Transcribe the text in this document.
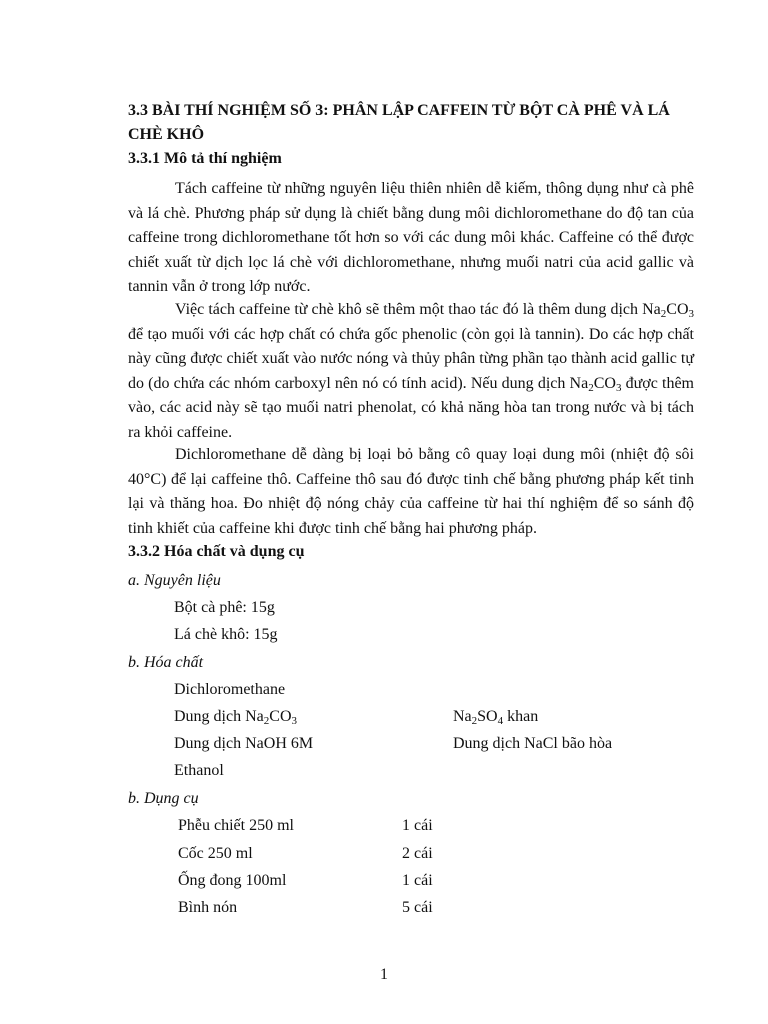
3.3 BÀI THÍ NGHIỆM SỐ 3: PHÂN LẬP CAFFEIN TỪ BỘT CÀ PHÊ VÀ LÁ CHÈ KHÔ
3.3.1 Mô tả thí nghiệm

Tách caffeine từ những nguyên liệu thiên nhiên dễ kiếm, thông dụng như cà phê và lá chè. Phương pháp sử dụng là chiết bằng dung môi dichloromethane do độ tan của caffeine trong dichloromethane tốt hơn so với các dung môi khác. Caffeine có thể được chiết xuất từ dịch lọc lá chè với dichloromethane, nhưng muối natri của acid gallic và tannin vẫn ở trong lớp nước.

Việc tách caffeine từ chè khô sẽ thêm một thao tác đó là thêm dung dịch $Na_2CO_3$ để tạo muối với các hợp chất có chứa gốc phenolic (còn gọi là tannin). Do các hợp chất này cũng được chiết xuất vào nước nóng và thủy phân từng phần tạo thành acid gallic tự do (do chứa các nhóm carboxyl nên nó có tính acid). Nếu dung dịch $Na_2CO_3$ được thêm vào, các acid này sẽ tạo muối natri phenolat, có khả năng hòa tan trong nước và bị tách ra khỏi caffeine.

Dichloromethane dễ dàng bị loại bỏ bằng cô quay loại dung môi (nhiệt độ sôi 40°C) để lại caffeine thô. Caffeine thô sau đó được tinh chế bằng phương pháp kết tinh lại và thăng hoa. Đo nhiệt độ nóng chảy của caffeine từ hai thí nghiệm để so sánh độ tinh khiết của caffeine khi được tinh chế bằng hai phương pháp.

3.3.2 Hóa chất và dụng cụ
a. Nguyên liệu
Bột cà phê: 15g
Lá chè khô: 15g
b. Hóa chất
Dichloromethane
Dung dịch $Na_2CO_3$	$Na_2SO_4$ khan
Dung dịch NaOH 6M	Dung dịch NaCl bão hòa
Ethanol
b. Dụng cụ
Phễu chiết 250 ml	1 cái
Cốc 250 ml	2 cái
Ống đong 100ml	1 cái
Bình nón	5 cái
1
